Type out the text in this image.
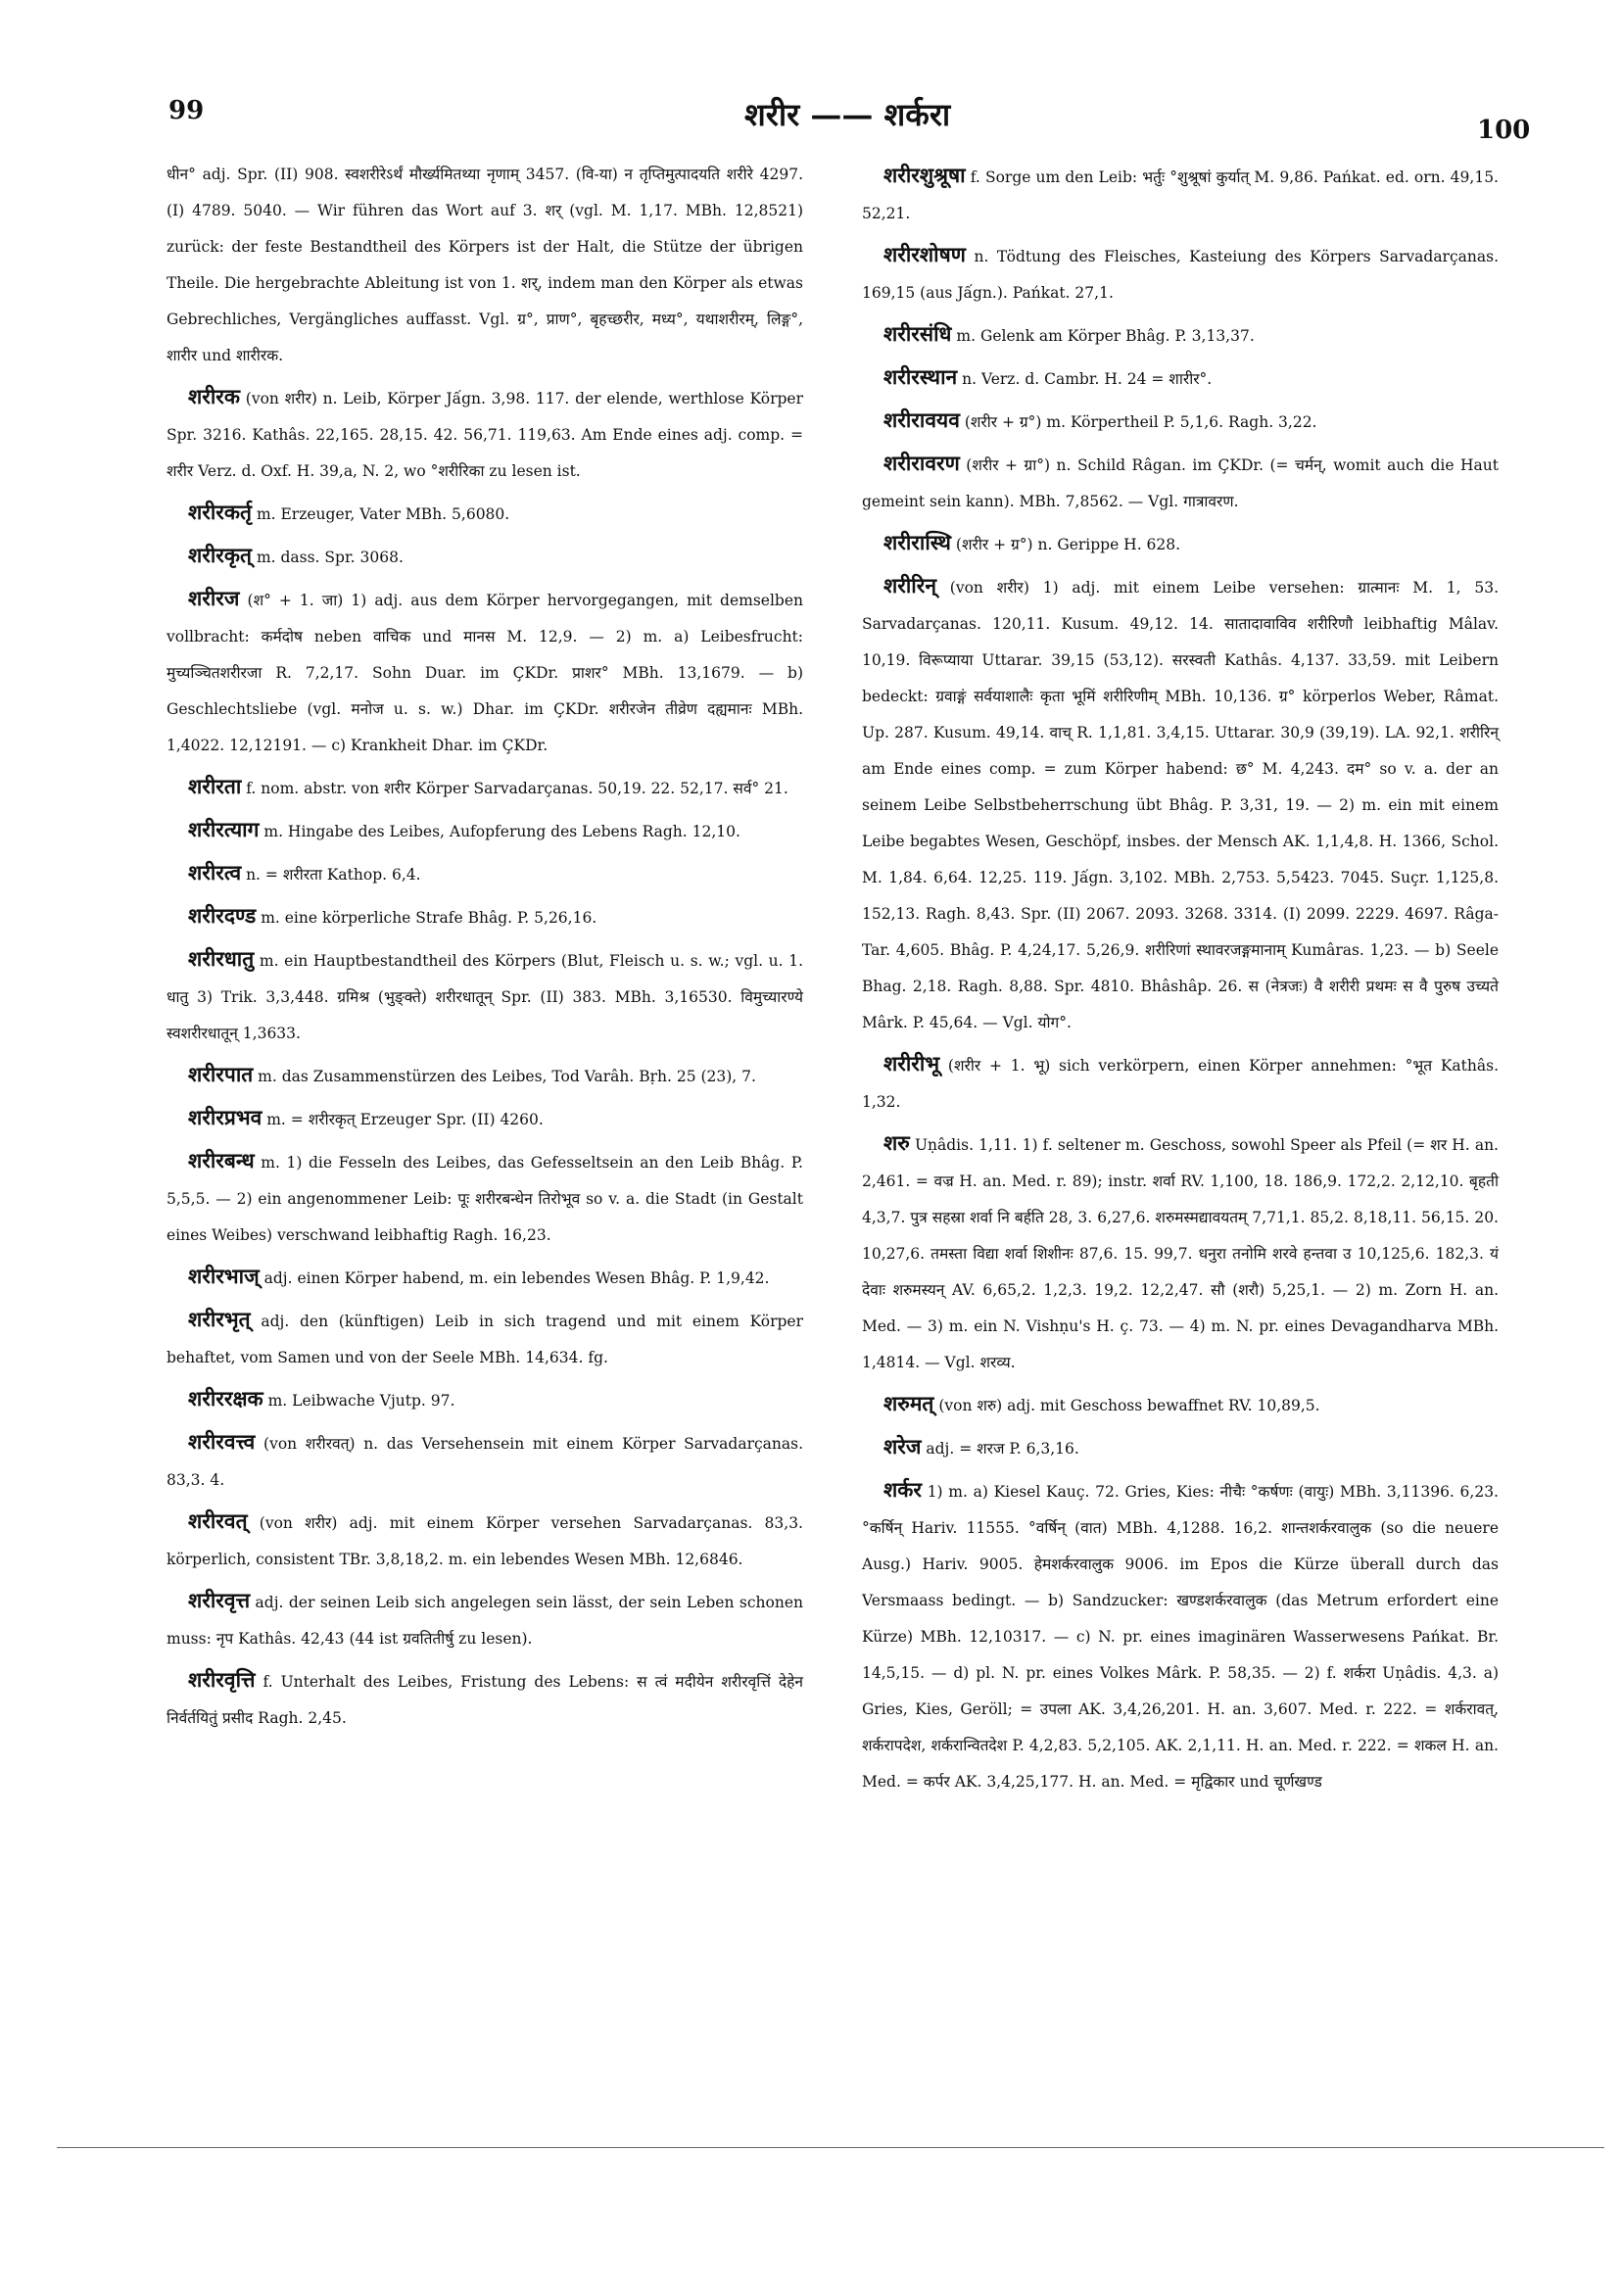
99	शरीर —— शर्करा	100

धीन° adj. Spr. (II) 908. स्वशरीरेऽर्थं मौर्ख्यमितथ्या नृणाम् 3457. (वि-या) न तृप्तिमुत्पादयति शरीरे 4297. (I) 4789. 5040. — Wir führen das Wort auf 3. शर् (vgl. M. 1,17. MBh. 12,8521) zurück: der feste Bestandtheil des Körpers ist der Halt, die Stütze der übrigen Theile. Die hergebrachte Ableitung ist von 1. शर्, indem man den Körper als etwas Gebrechliches, Vergängliches auffasst. Vgl. ग्र°, प्राण°, बृहच्छरीर, मध्य°, यथाशरीरम्, लिङ्ग°, शारीर und शारीरक.

शरीरक (von शरीर) n. Leib, Körper Jấgn. 3,98. 117. der elende, werthlose Körper Spr. 3216. Kathâs. 22,165. 28,15. 42. 56,71. 119,63. Am Ende eines adj. comp. = शरीर Verz. d. Oxf. H. 39,a, N. 2, wo °शरीरिका zu lesen ist.

शरीरकर्तृ m. Erzeuger, Vater MBh. 5,6080.

शरीरकृत् m. dass. Spr. 3068.

शरीरज (श° + 1. जा) 1) adj. aus dem Körper hervorgegangen, mit demselben vollbracht: कर्मदोष neben वाचिक und मानस M. 12,9. — 2) m. a) Leibesfrucht: मुच्यञ्चितशरीरजा R. 7,2,17. Sohn Duar. im ÇKDr. प्राशर° MBh. 13,1679. — b) Geschlechtsliebe (vgl. मनोज u. s. w.) Dhar. im ÇKDr. शरीरजेन तीव्रेण दह्यमानः MBh. 1,4022. 12,12191. — c) Krankheit Dhar. im ÇKDr.

शरीरता f. nom. abstr. von शरीर Körper Sarvadarçanas. 50,19. 22. 52,17. सर्व° 21.

शरीरत्याग m. Hingabe des Leibes, Aufopferung des Lebens Ragh. 12,10.

शरीरत्व n. = शरीरता Kathop. 6,4.

शरीरदण्ड m. eine körperliche Strafe Bhâg. P. 5,26,16.

शरीरधातु m. ein Hauptbestandtheil des Körpers (Blut, Fleisch u. s. w.; vgl. u. 1. धातु 3) Trik. 3,3,448. ग्रमिश्र (भुङ्क्ते) शरीरधातून् Spr. (II) 383. MBh. 3,16530. विमुच्यारण्ये स्वशरीरधातून् 1,3633.

शरीरपात m. das Zusammenstürzen des Leibes, Tod Varâh. Bṛh. 25 (23), 7.

शरीरप्रभव m. = शरीरकृत् Erzeuger Spr. (II) 4260.

शरीरबन्ध m. 1) die Fesseln des Leibes, das Gefesseltsein an den Leib Bhâg. P. 5,5,5. — 2) ein angenommener Leib: पूः शरीरबन्धेन तिरोभूव so v. a. die Stadt (in Gestalt eines Weibes) verschwand leibhaftig Ragh. 16,23.

शरीरभाज् adj. einen Körper habend, m. ein lebendes Wesen Bhâg. P. 1,9,42.

शरीरभृत् adj. den (künftigen) Leib in sich tragend und mit einem Körper behaftet, vom Samen und von der Seele MBh. 14,634. fg.

शरीररक्षक m. Leibwache Vjutp. 97.

शरीरवत्त्व (von शरीरवत्) n. das Versehensein mit einem Körper Sarvadarçanas. 83,3. 4.

शरीरवत् (von शरीर) adj. mit einem Körper versehen Sarvadarçanas. 83,3. körperlich, consistent TBr. 3,8,18,2. m. ein lebendes Wesen MBh. 12,6846.

शरीरवृत्त adj. der seinen Leib sich angelegen sein lässt, der sein Leben schonen muss: नृप Kathâs. 42,43 (44 ist ग्रवतितीर्षु zu lesen).

शरीरवृत्ति f. Unterhalt des Leibes, Fristung des Lebens: स त्वं मदीयेन शरीरवृत्तिं देहेन निर्वर्तयितुं प्रसीद Ragh. 2,45.

शरीरशुश्रूषा f. Sorge um den Leib: भर्तुः °शुश्रूषां कुर्यात् M. 9,86. Pańkat. ed. orn. 49,15. 52,21.

शरीरशोषण n. Tödtung des Fleisches, Kasteiung des Körpers Sarvadarçanas. 169,15 (aus Jấgn.). Pańkat. 27,1.

शरीरसंधि m. Gelenk am Körper Bhâg. P. 3,13,37.

शरीरस्थान n. Verz. d. Cambr. H. 24 = शारीर°.

शरीरावयव (शरीर + ग्र°) m. Körpertheil P. 5,1,6. Ragh. 3,22.

शरीरावरण (शरीर + ग्रा°) n. Schild Râgan. im ÇKDr. (= चर्मन्, womit auch die Haut gemeint sein kann). MBh. 7,8562. — Vgl. गात्रावरण.

शरीरास्थि (शरीर + ग्र°) n. Gerippe H. 628.

शरीरिन् (von शरीर) 1) adj. mit einem Leibe versehen: ग्रात्मानः M. 1, 53. Sarvadarçanas. 120,11. Kusum. 49,12. 14. सातादावाविव शरीरिणौ leibhaftig Mâlav. 10,19. विरूप्याया Uttarar. 39,15 (53,12). सरस्वती Kathâs. 4,137. 33,59. mit Leibern bedeckt: ग्रवाङ्गं सर्वयाशालैः कृता भूमिं शरीरिणीम् MBh. 10,136. ग्र° körperlos Weber, Râmat. Up. 287. Kusum. 49,14. वाच् R. 1,1,81. 3,4,15. Uttarar. 30,9 (39,19). LA. 92,1. शरीरिन् am Ende eines comp. = zum Körper habend: छ° M. 4,243. दम° so v. a. der an seinem Leibe Selbstbeherrschung übt Bhâg. P. 3,31, 19. — 2) m. ein mit einem Leibe begabtes Wesen, Geschöpf, insbes. der Mensch AK. 1,1,4,8. H. 1366, Schol. M. 1,84. 6,64. 12,25. 119. Jấgn. 3,102. MBh. 2,753. 5,5423. 7045. Suçr. 1,125,8. 152,13. Ragh. 8,43. Spr. (II) 2067. 2093. 3268. 3314. (I) 2099. 2229. 4697. Râga-Tar. 4,605. Bhâg. P. 4,24,17. 5,26,9. शरीरिणां स्थावरजङ्गमानाम् Kumâras. 1,23. — b) Seele Bhag. 2,18. Ragh. 8,88. Spr. 4810. Bhâshâp. 26. स (नेत्रजः) वै शरीरी प्रथमः स वै पुरुष उच्यते Mârk. P. 45,64. — Vgl. योग°.

शरीरीभू (शरीर + 1. भू) sich verkörpern, einen Körper annehmen: °भूत Kathâs. 1,32.

शरु Uṇâdis. 1,11. 1) f. seltener m. Geschoss, sowohl Speer als Pfeil (= शर H. an. 2,461. = वज्र H. an. Med. r. 89); instr. शर्वा RV. 1,100, 18. 186,9. 172,2. 2,12,10. बृहती 4,3,7. पुत्र सहस्रा शर्वा नि बर्हति 28, 3. 6,27,6. शरुमस्मद्यावयतम् 7,71,1. 85,2. 8,18,11. 56,15. 20. 10,27,6. तमस्ता विद्या शर्वा शिशीनः 87,6. 15. 99,7. धनुरा तनोमि शरवे हन्तवा उ 10,125,6. 182,3. यं देवाः शरुमस्यन् AV. 6,65,2. 1,2,3. 19,2. 12,2,47. सौ (शरौ) 5,25,1. — 2) m. Zorn H. an. Med. — 3) m. ein N. Vishṇu's H. ç. 73. — 4) m. N. pr. eines Devagandharva MBh. 1,4814. — Vgl. शरव्य.

शरुमत् (von शरु) adj. mit Geschoss bewaffnet RV. 10,89,5.

शरेज adj. = शरज P. 6,3,16.

शर्कर 1) m. a) Kiesel Kauç. 72. Gries, Kies: नीचैः °कर्षणः (वायुः) MBh. 3,11396. 6,23. °कर्षिन् Hariv. 11555. °वर्षिन् (वात) MBh. 4,1288. 16,2. शान्तशर्करवालुक (so die neuere Ausg.) Hariv. 9005. हेमशर्करवालुक 9006. im Epos die Kürze überall durch das Versmaass bedingt. — b) Sandzucker: खण्डशर्करवालुक (das Metrum erfordert eine Kürze) MBh. 12,10317. — c) N. pr. eines imaginären Wasserwesens Pańkat. Br. 14,5,15. — d) pl. N. pr. eines Volkes Mârk. P. 58,35. — 2) f. शर्करा Uṇâdis. 4,3. a) Gries, Kies, Geröll; = उपला AK. 3,4,26,201. H. an. 3,607. Med. r. 222. = शर्करावत्, शर्करापदेश, शर्करान्वितदेश P. 4,2,83. 5,2,105. AK. 2,1,11. H. an. Med. r. 222. = शकल H. an. Med. = कर्पर AK. 3,4,25,177. H. an. Med. = मृद्विकार und चूर्णखण्ड
